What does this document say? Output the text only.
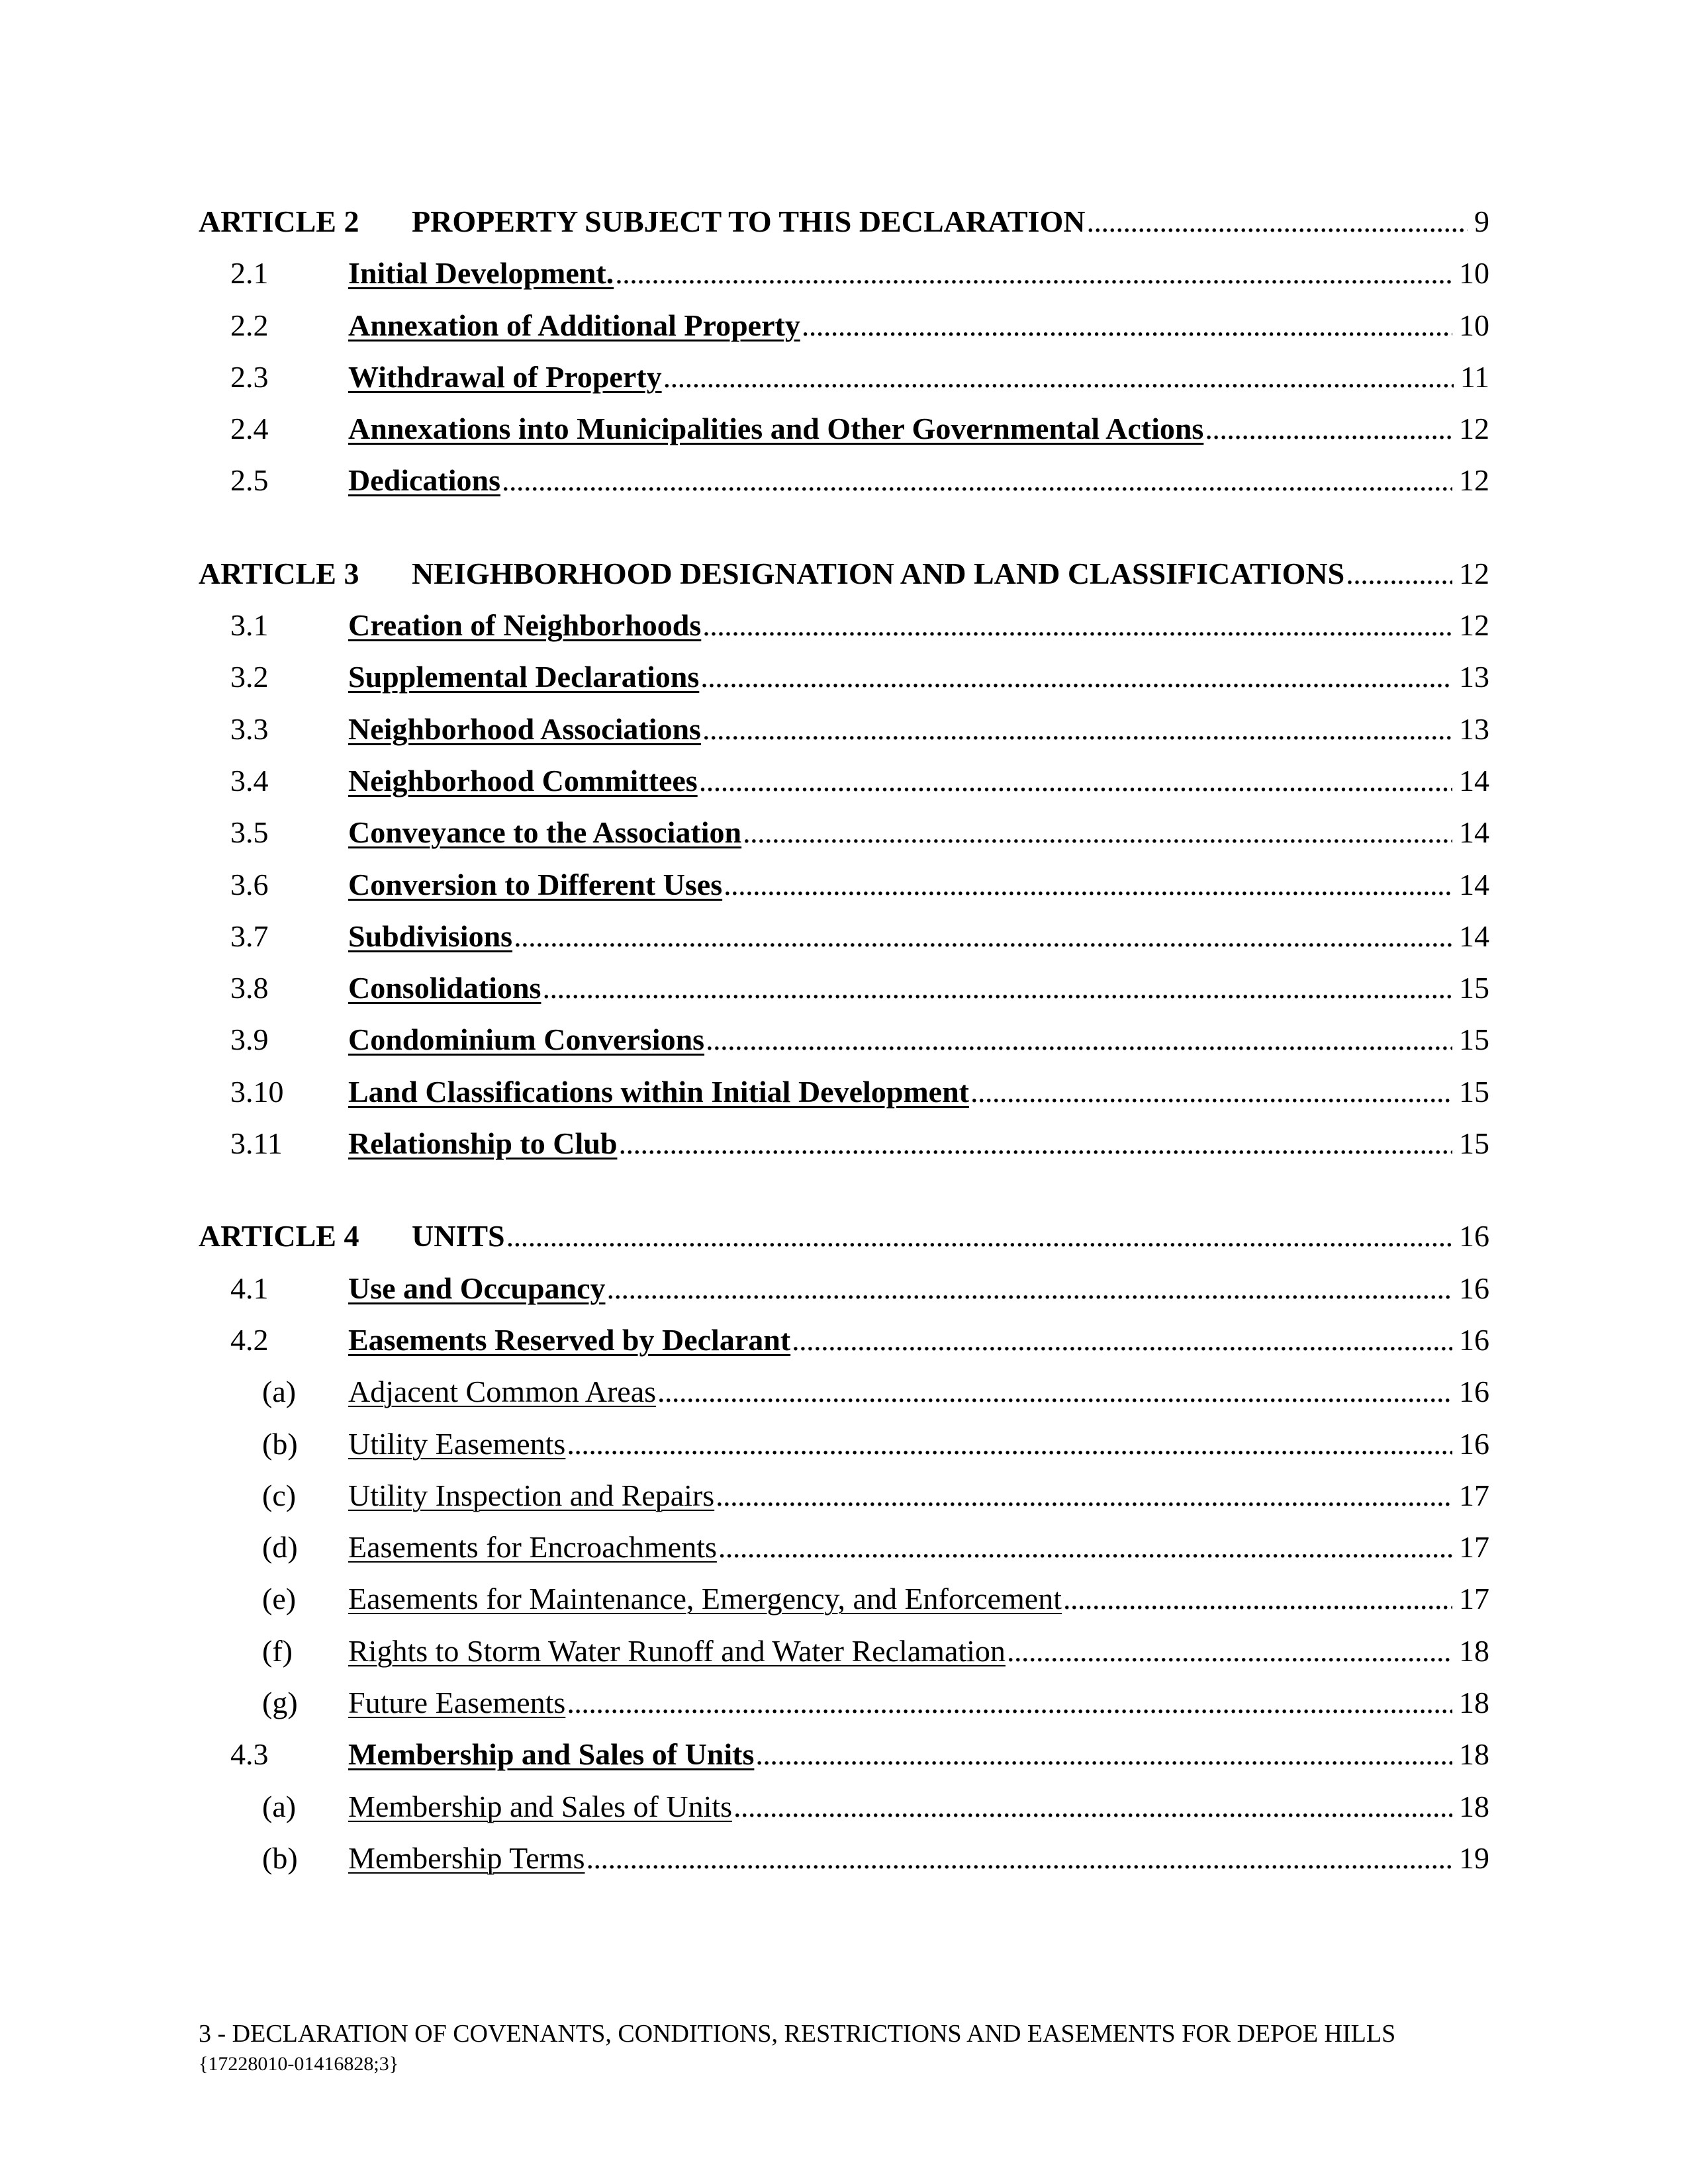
ARTICLE 2 PROPERTY SUBJECT TO THIS DECLARATION . . .	9
2.1	Initial Development. . . .	10
2.2	Annexation of Additional Property . . .	10
2.3	Withdrawal of Property . . .	11
2.4	Annexations into Municipalities and Other Governmental Actions . . .	12
2.5	Dedications . . .	12
ARTICLE 3 NEIGHBORHOOD DESIGNATION AND LAND CLASSIFICATIONS . . .	12
3.1	Creation of Neighborhoods . . .	12
3.2	Supplemental Declarations . . .	13
3.3	Neighborhood Associations . . .	13
3.4	Neighborhood Committees . . .	14
3.5	Conveyance to the Association . . .	14
3.6	Conversion to Different Uses . . .	14
3.7	Subdivisions . . .	14
3.8	Consolidations . . .	15
3.9	Condominium Conversions . . .	15
3.10 Land Classifications within Initial Development . . .	15
3.11 Relationship to Club . . .	15
ARTICLE 4 UNITS . . .	16
4.1	Use and Occupancy . . .	16
4.2	Easements Reserved by Declarant . . .	16
(a) Adjacent Common Areas . . .	16
(b) Utility Easements . . .	16
(c) Utility Inspection and Repairs . . .	17
(d) Easements for Encroachments . . .	17
(e) Easements for Maintenance, Emergency, and Enforcement . . .	17
(f) Rights to Storm Water Runoff and Water Reclamation . . .	18
(g) Future Easements . . .	18
4.3	Membership and Sales of Units . . .	18
(a) Membership and Sales of Units . . .	18
(b) Membership Terms . . .	19
3 - DECLARATION OF COVENANTS, CONDITIONS, RESTRICTIONS AND EASEMENTS FOR DEPOE HILLS
{17228010-01416828;3}
